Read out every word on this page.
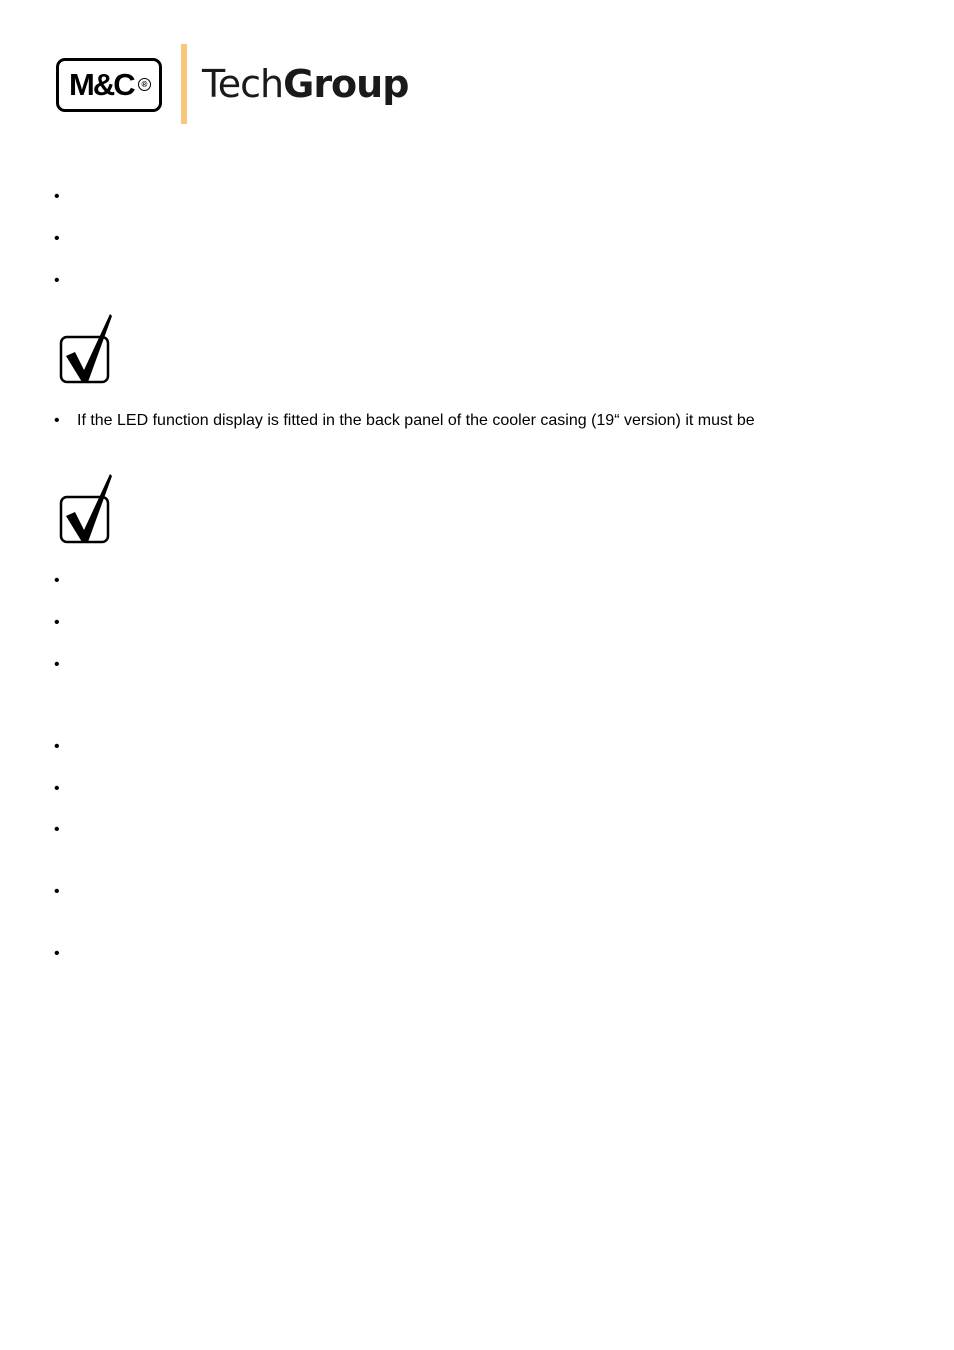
M&C ® TechGroup
•
•
•
• If the LED function display is fitted in the back panel of the cooler casing (19“ version) it must be
•
•
•
•
•
•
•
•
